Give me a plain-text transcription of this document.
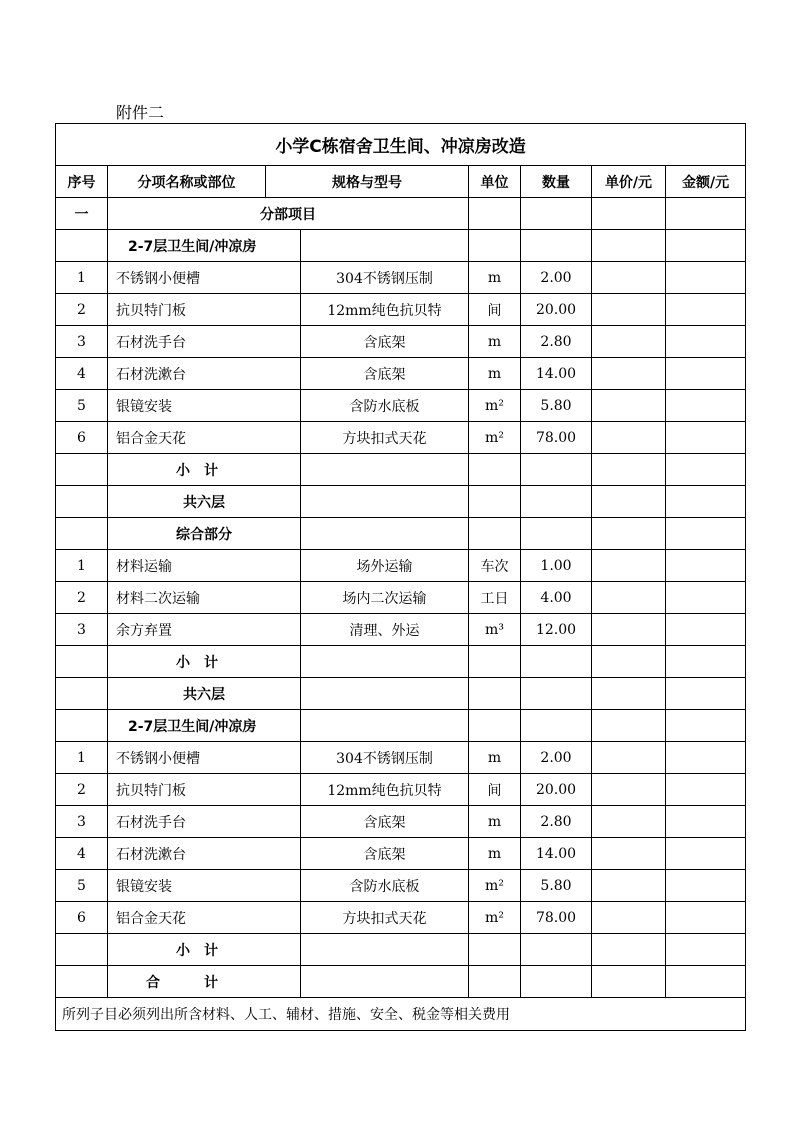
附件二
小学C栋宿舍卫生间、冲凉房改造							
序号	分项名称或部位	规格与型号		单位	数量	单价/元	金额/元
一	分部项目						
	2-7层卫生间/冲凉房						
1	不锈钢小便槽		304不锈钢压制	m	2.00		
2	抗贝特门板		12mm纯色抗贝特	间	20.00		
3	石材洗手台		含底架	m	2.80		
4	石材洗漱台		含底架	m	14.00		
5	银镜安装		含防水底板	m²	5.80		
6	铝合金天花		方块扣式天花	m²	78.00		
	小计						
	共六层						
	综合部分						
1	材料运输		场外运输	车次	1.00		
2	材料二次运输		场内二次运输	工日	4.00		
3	余方弃置		清理、外运	m³	12.00		
	小计						
	共六层						
	2-7层卫生间/冲凉房						
1	不锈钢小便槽		304不锈钢压制	m	2.00		
2	抗贝特门板		12mm纯色抗贝特	间	20.00		
3	石材洗手台		含底架	m	2.80		
4	石材洗漱台		含底架	m	14.00		
5	银镜安装		含防水底板	m²	5.80		
6	铝合金天花		方块扣式天花	m²	78.00		
	小计						
	合计						
所列子目必须列出所含材料、人工、辅材、措施、安全、税金等相关费用							
